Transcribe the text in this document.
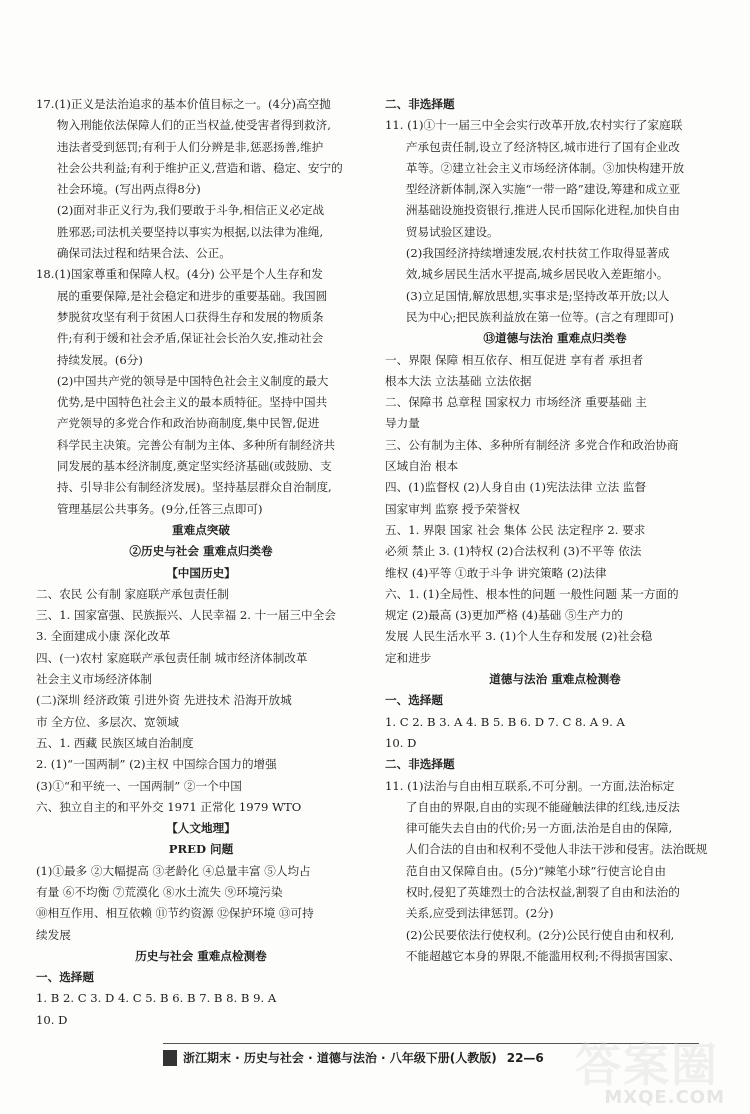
17.(1)正义是法治追求的基本价值目标之一。(4分)高空抛

物入刑能依法保障人们的正当权益,使受害者得到救济,

违法者受到惩罚;有利于人们分辨是非,惩恶扬善,维护

社会公共利益;有利于维护正义,营造和谐、稳定、安宁的

社会环境。(写出两点得8分)

(2)面对非正义行为,我们要敢于斗争,相信正义必定战

胜邪恶;司法机关要坚持以事实为根据,以法律为准绳,

确保司法过程和结果合法、公正。

18.(1)国家尊重和保障人权。(4分) 公平是个人生存和发

展的重要保障,是社会稳定和进步的重要基础。我国圆

梦脱贫攻坚有利于贫困人口获得生存和发展的物质条

件;有利于缓和社会矛盾,保证社会长治久安,推动社会

持续发展。(6分)

(2)中国共产党的领导是中国特色社会主义制度的最大

优势,是中国特色社会主义的最本质特征。坚持中国共

产党领导的多党合作和政治协商制度,集中民智,促进

科学民主决策。完善公有制为主体、多种所有制经济共

同发展的基本经济制度,奠定坚实经济基础(或鼓励、支

持、引导非公有制经济发展)。坚持基层群众自治制度,

管理基层公共事务。(9分,任答三点即可)

重难点突破

②历史与社会 重难点归类卷

【中国历史】

二、农民 公有制 家庭联产承包责任制

三、1. 国家富强、民族振兴、人民幸福 2. 十一届三中全会

3. 全面建成小康 深化改革

四、(一)农村 家庭联产承包责任制 城市经济体制改革

社会主义市场经济体制

(二)深圳 经济政策 引进外资 先进技术 沿海开放城

市 全方位、多层次、宽领域

五、1. 西藏 民族区域自治制度

2. (1)“一国两制” (2)主权 中国综合国力的增强

(3)①“和平统一、一国两制” ②一个中国

六、独立自主的和平外交 1971 正常化 1979 WTO

【人文地理】

PRED 问题

(1)①最多 ②大幅提高 ③老龄化 ④总量丰富 ⑤人均占

有量 ⑥不均衡 ⑦荒漠化 ⑧水土流失 ⑨环境污染

⑩相互作用、相互依赖 ⑪节约资源 ⑫保护环境 ⑬可持

续发展

历史与社会 重难点检测卷

一、选择题

1. B 2. C 3. D 4. C 5. B 6. B 7. B 8. B 9. A

10. D

二、非选择题

11. (1)①十一届三中全会实行改革开放,农村实行了家庭联

产承包责任制,设立了经济特区,城市进行了国有企业改

革等。②建立社会主义市场经济体制。③加快构建开放

型经济新体制,深入实施“一带一路”建设,筹建和成立亚

洲基础设施投资银行,推进人民币国际化进程,加快自由

贸易试验区建设。

(2)我国经济持续增速发展,农村扶贫工作取得显著成

效,城乡居民生活水平提高,城乡居民收入差距缩小。

(3)立足国情,解放思想,实事求是;坚持改革开放;以人

民为中心;把民族利益放在第一位等。(言之有理即可)

⑬道德与法治 重难点归类卷

一、界限 保障 相互依存、相互促进 享有者 承担者

根本大法 立法基础 立法依据

二、保障书 总章程 国家权力 市场经济 重要基础 主

导力量

三、公有制为主体、多种所有制经济 多党合作和政治协商

区域自治 根本

四、(1)监督权 (2)人身自由 (1)宪法法律 立法 监督

国家审判 监察 授予荣誉权

五、1. 界限 国家 社会 集体 公民 法定程序 2. 要求

必须 禁止 3. (1)特权 (2)合法权利 (3)不平等 依法

维权 (4)平等 ①敢于斗争 讲究策略 (2)法律

六、1. (1)全局性、根本性的问题 一般性问题 某一方面的

规定 (2)最高 (3)更加严格 (4)基础 ⑤生产力的

发展 人民生活水平 3. (1)个人生存和发展 (2)社会稳

定和进步

道德与法治 重难点检测卷

一、选择题

1. C 2. B 3. A 4. B 5. B 6. D 7. C 8. A 9. A

10. D

二、非选择题

11. (1)法治与自由相互联系,不可分割。一方面,法治标定

了自由的界限,自由的实现不能碰触法律的红线,违反法

律可能失去自由的代价;另一方面,法治是自由的保障,

人们合法的自由和权利不受他人非法干涉和侵害。法治既规

范自由又保障自由。(5分)“辣笔小球”行使言论自由

权时,侵犯了英雄烈士的合法权益,割裂了自由和法治的

关系,应受到法律惩罚。(2分)

(2)公民要依法行使权利。(2分)公民行使自由和权利,

不能超越它本身的界限,不能滥用权利;不得损害国家、

浙江期末 · 历史与社会 · 道德与法治 · 八年级下册(人教版) 22—6 答案圈
MXQE.COM
